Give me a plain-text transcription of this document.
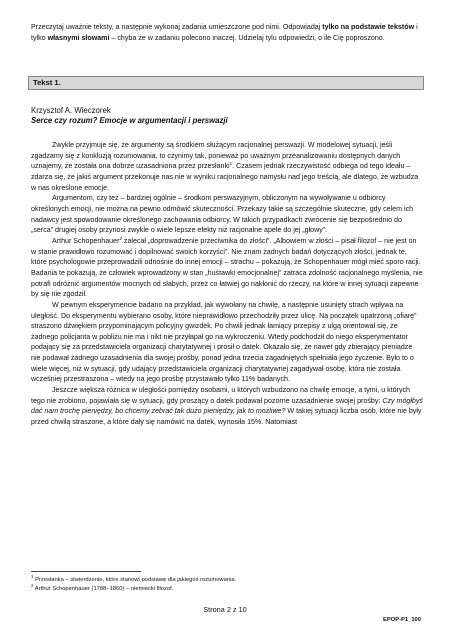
Przeczytaj uważnie teksty, a następnie wykonaj zadania umieszczone pod nimi. Odpowiadaj tylko na podstawie tekstów i tylko własnymi słowami – chyba że w zadaniu polecono inaczej. Udzielaj tylu odpowiedzi, o ile Cię poproszono.
Tekst 1.
Krzysztof A. Wieczorek
Serce czy rozum? Emocje w argumentacji i perswazji

Zwykle przyjmuje się, że argumenty są środkiem służącym racjonalnej perswazji. W modelowej sytuacji, jeśli zgadzamy się z konkluzją rozumowania, to czynimy tak, ponieważ po uważnym przeanalizowaniu dostępnych danych uznajemy, że została ona dobrze uzasadniona przez przesłanki$^1$. Czasem jednak rzeczywistość odbiega od tego ideału – zdarza się, że jakiś argument przekonuje nas nie w wyniku racjonalnego namysłu nad jego treścią, ale dlatego, że wzbudza w nas określone emocje.

Argumentom, czy też – bardziej ogólnie – środkom perswazyjnym, obliczonym na wywoływanie u odbiorcy określonych emocji, nie można na pewno odmówić skuteczności. Przekazy takie są szczególnie skuteczne, gdy celem ich nadawcy jest spowodowanie określonego zachowania odbiorcy. W takich przypadkach zwrócenie się bezpośrednio do „serca” drugiej osoby przynosi zwykle o wiele lepsze efekty niż racjonalne apele do jej „głowy”.

Arthur Schopenhauer$^2$ zalecał „doprowadzenie przeciwnika do złości”. „Albowiem w złości – pisał filozof – nie jest on w stanie prawidłowo rozumować i dopilnować swoich korzyści”. Nie znam żadnych badań dotyczących złości, jednak te, które psychologowie przeprowadzili odnośnie do innej emocji – strachu – pokazują, że Schopenhauer mógł mieć sporo racji. Badania te pokazują, że człowiek wprowadzony w stan „huśtawki emocjonalnej” zatraca zdolność racjonalnego myślenia, nie potrafi odróżnić argumentów mocnych od słabych, przez co łatwiej go nakłonić do rzeczy, na które w innej sytuacji zapewne by się nie zgodził.

W pewnym eksperymencie badano na przykład, jak wywołany na chwilę, a następnie usunięty strach wpływa na uległość. Do eksperymentu wybierano osoby, które nieprawidłowo przechodziły przez ulicę. Na początek upatrzoną „ofiarę” straszono dźwiękiem przypominającym policyjny gwizdek. Po chwili jednak łamiący przepisy z ulgą orientował się, że żadnego policjanta w pobliżu nie ma i nikt nie przyłapał go na wykroczeniu. Wtedy podchodził do niego eksperymentator podający się za przedstawiciela organizacji charytatywnej i prosił o datek. Okazało się, że nawet gdy zbierający pieniądze nie podawał żadnego uzasadnienia dla swojej prośby, ponad jedna trzecia zagadniętych spełniała jego życzenie. Było to o wiele więcej, niż w sytuacji, gdy udający przedstawiciela organizacji charytatywnej zagadywał osobę, która nie została wcześniej przestraszona – wtedy na jego prośbę przystawało tylko 11% badanych.

Jeszcze większa różnica w uległości pomiędzy osobami, u których wzbudzono na chwilę emocje, a tymi, u których tego nie zrobiono, pojawiała się w sytuacji, gdy proszący o datek podawał pozorne uzasadnienie swojej prośby: Czy mógłbyś dać nam trochę pieniędzy, bo chcemy zebrać tak dużo pieniędzy, jak to możliwe? W takiej sytuacji liczba osób, które nie były przed chwilą straszone, a które dały się namówić na datek, wynosiła 15%. Natomiast

$^1$ Przesłanka – stwierdzenie, które stanowi podstawę dla jakiegoś rozumowania.
$^2$ Arthur Schopenhauer (1788–1860) – niemiecki filozof.
Strona 2 z 10
EPOP-P1_100
